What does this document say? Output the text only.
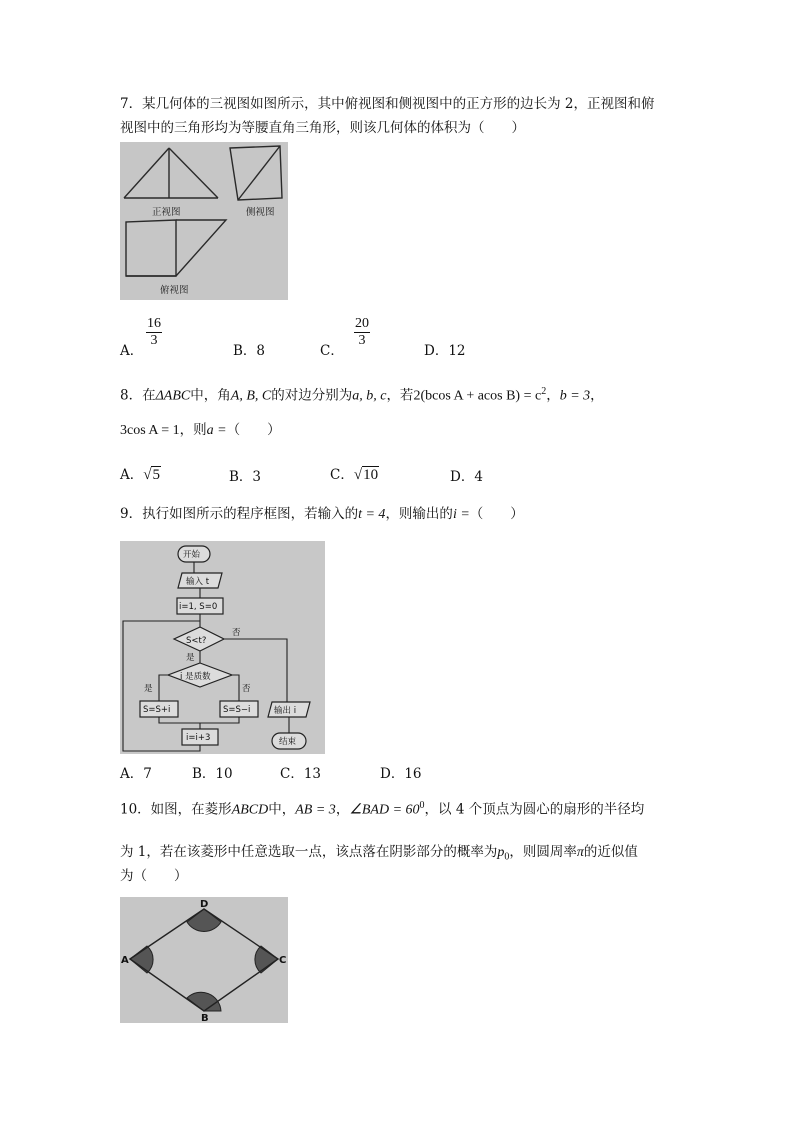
7．某几何体的三视图如图所示，其中俯视图和侧视图中的正方形的边长为 2，正视图和俯
视图中的三角形均为等腰直角三角形，则该几何体的体积为（　　）
正视图	侧视图
俯视图
A．
$\frac{16}{3}$
B．8	C．
$\frac{20}{3}$
D．12
8．在ΔABC中，角A, B, C的对边分别为a, b, c，若2(bcos A + acos $B) = c^2$，b = 3，
3cos A = 1，则a =（　　）
A．√5	B．3	C．√10	D．4
9．执行如图所示的程序框图，若输入的t = 4，则输出的i =（　　）
开始
输入 t
i=1, S=0
S<t?
否
是
i 是质数
是	否
S=S+i	S=S−i
i=i+3
输出 i
结束
A．7	B．10	C．13	D．16
10．如图，在菱形ABCD中，AB = 3，∠BAD = $60^0$，以 4 个顶点为圆心的扇形的半径均
为 1，若在该菱形中任意选取一点，该点落在阴影部分的概率为$p_0$，则圆周率π的近似值
为（　　）
D
A	C
B
